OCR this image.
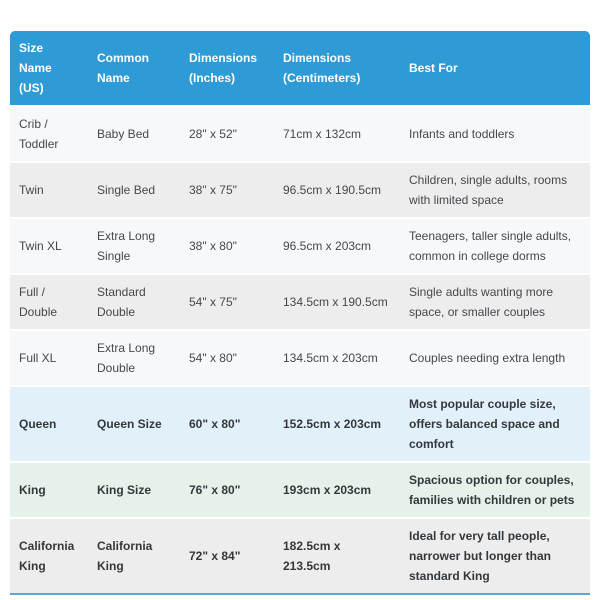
Size Name (US)	Common Name	Dimensions (Inches)	Dimensions (Centimeters)	Best For
Crib / Toddler	Baby Bed	28" x 52"	71cm x 132cm	Infants and toddlers
Twin	Single Bed	38" x 75"	96.5cm x 190.5cm	Children, single adults, rooms with limited space
Twin XL	Extra Long Single	38" x 80"	96.5cm x 203cm	Teenagers, taller single adults, common in college dorms
Full / Double	Standard Double	54" x 75"	134.5cm x 190.5cm	Single adults wanting more space, or smaller couples
Full XL	Extra Long Double	54" x 80"	134.5cm x 203cm	Couples needing extra length
Queen	Queen Size	60" x 80"	152.5cm x 203cm	Most popular couple size, offers balanced space and comfort
King	King Size	76" x 80"	193cm x 203cm	Spacious option for couples, families with children or pets
California King	California King	72" x 84"	182.5cm x 213.5cm	Ideal for very tall people, narrower but longer than standard King
